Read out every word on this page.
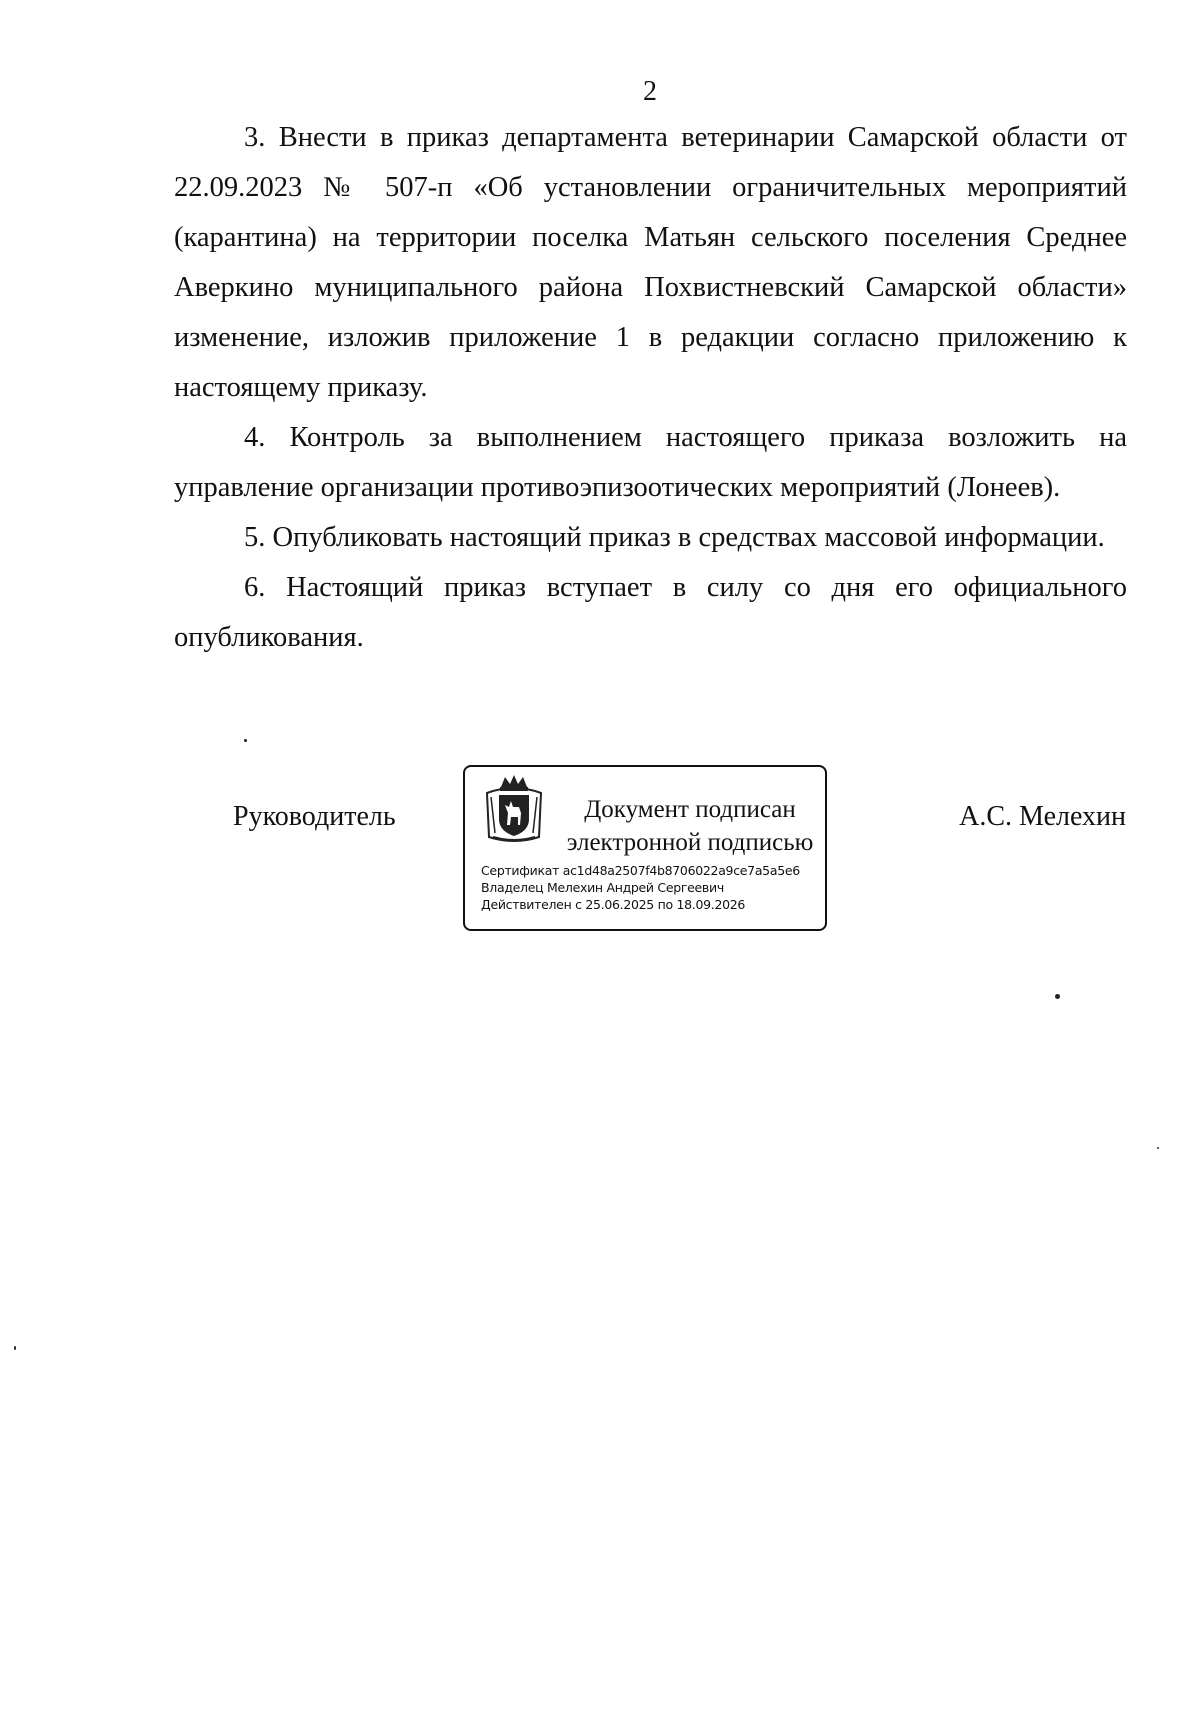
2

3. Внести в приказ департамента ветеринарии Самарской области от 22.09.2023 № 507-п «Об установлении ограничительных мероприятий (карантина) на территории поселка Матьян сельского поселения Среднее Аверкино муниципального района Похвистневский Самарской области» изменение, изложив приложение 1 в редакции согласно приложению к настоящему приказу.

4. Контроль за выполнением настоящего приказа возложить на управление организации противоэпизоотических мероприятий (Лонеев).

5. Опубликовать настоящий приказ в средствах массовой информации.

6. Настоящий приказ вступает в силу со дня его официального опубликования.

Руководитель	Документ подписан
электронной подписью
Сертификат ac1d48a2507f4b8706022a9ce7a5a5e6
Владелец Мелехин Андрей Сергеевич
Действителен с 25.06.2025 по 18.09.2026
А.С. Мелехин
